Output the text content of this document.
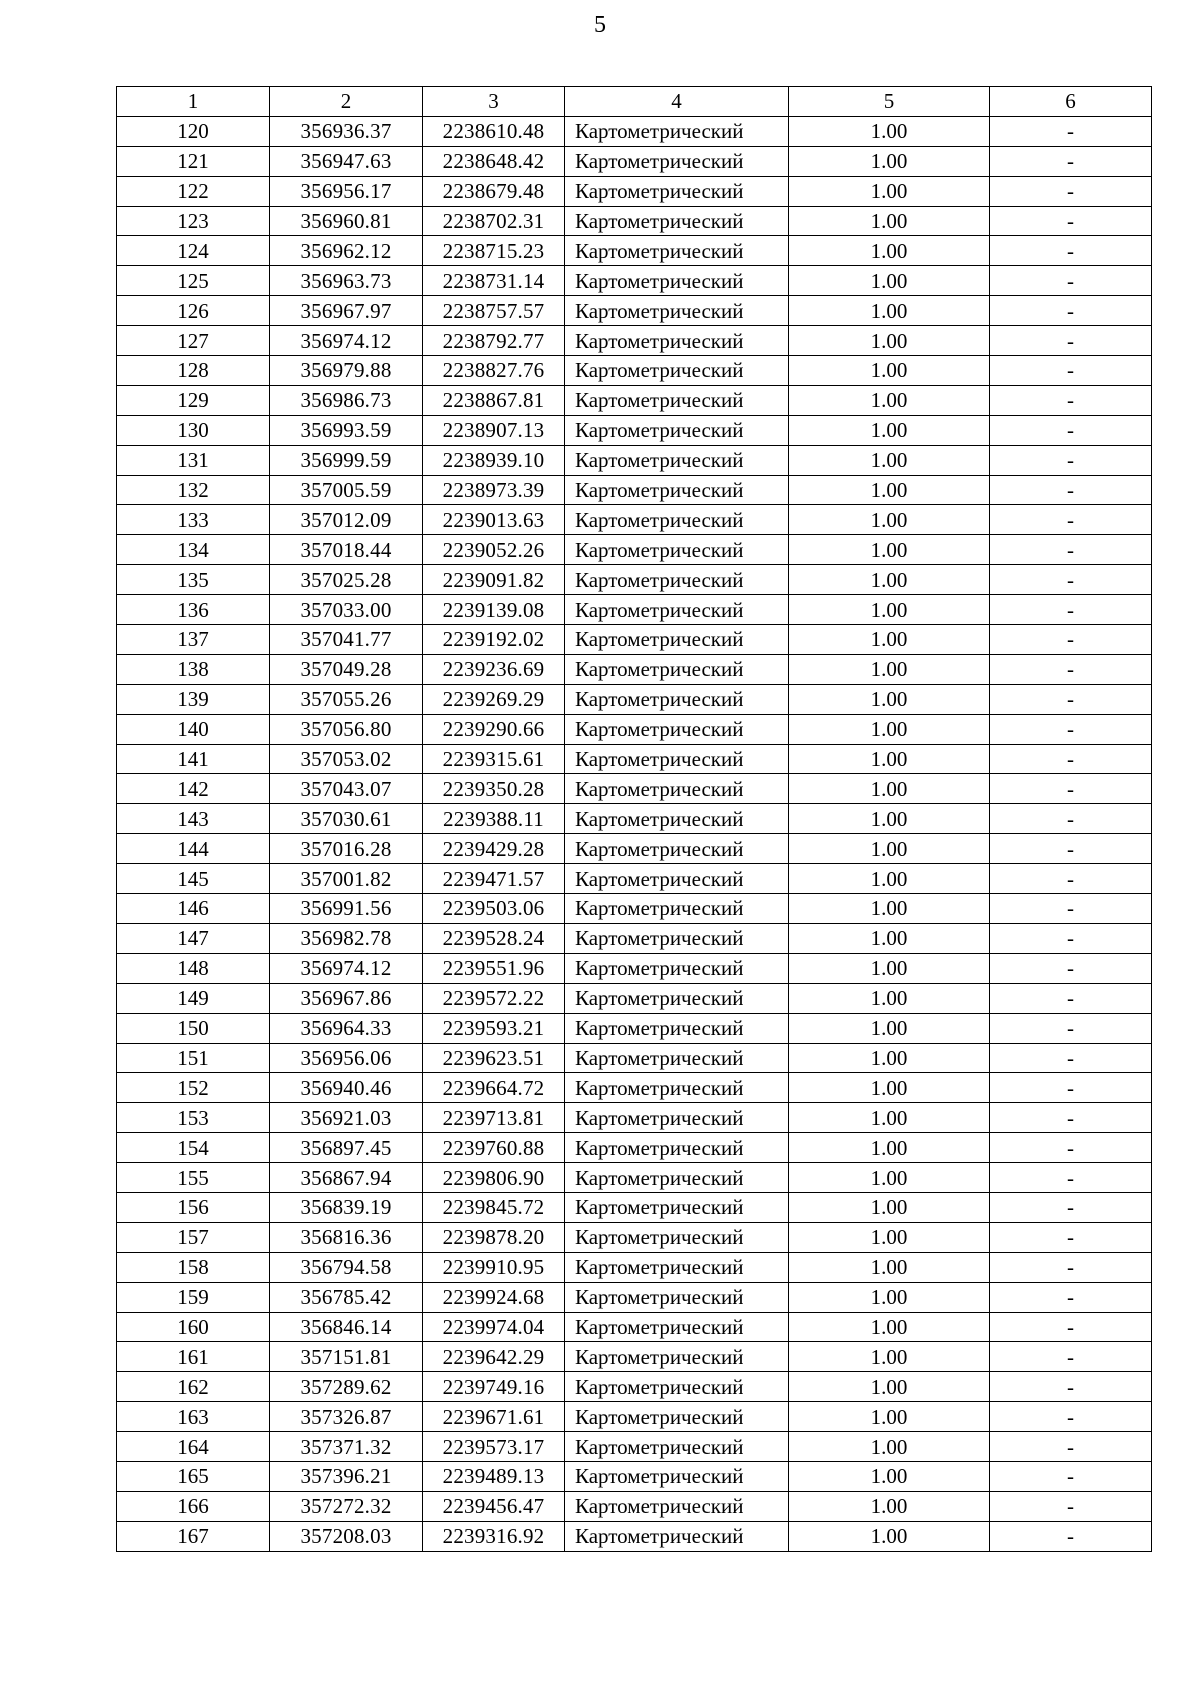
5
1	2	3	4	5	6
120	356936.37	2238610.48	Картометрический	1.00	-
121	356947.63	2238648.42	Картометрический	1.00	-
122	356956.17	2238679.48	Картометрический	1.00	-
123	356960.81	2238702.31	Картометрический	1.00	-
124	356962.12	2238715.23	Картометрический	1.00	-
125	356963.73	2238731.14	Картометрический	1.00	-
126	356967.97	2238757.57	Картометрический	1.00	-
127	356974.12	2238792.77	Картометрический	1.00	-
128	356979.88	2238827.76	Картометрический	1.00	-
129	356986.73	2238867.81	Картометрический	1.00	-
130	356993.59	2238907.13	Картометрический	1.00	-
131	356999.59	2238939.10	Картометрический	1.00	-
132	357005.59	2238973.39	Картометрический	1.00	-
133	357012.09	2239013.63	Картометрический	1.00	-
134	357018.44	2239052.26	Картометрический	1.00	-
135	357025.28	2239091.82	Картометрический	1.00	-
136	357033.00	2239139.08	Картометрический	1.00	-
137	357041.77	2239192.02	Картометрический	1.00	-
138	357049.28	2239236.69	Картометрический	1.00	-
139	357055.26	2239269.29	Картометрический	1.00	-
140	357056.80	2239290.66	Картометрический	1.00	-
141	357053.02	2239315.61	Картометрический	1.00	-
142	357043.07	2239350.28	Картометрический	1.00	-
143	357030.61	2239388.11	Картометрический	1.00	-
144	357016.28	2239429.28	Картометрический	1.00	-
145	357001.82	2239471.57	Картометрический	1.00	-
146	356991.56	2239503.06	Картометрический	1.00	-
147	356982.78	2239528.24	Картометрический	1.00	-
148	356974.12	2239551.96	Картометрический	1.00	-
149	356967.86	2239572.22	Картометрический	1.00	-
150	356964.33	2239593.21	Картометрический	1.00	-
151	356956.06	2239623.51	Картометрический	1.00	-
152	356940.46	2239664.72	Картометрический	1.00	-
153	356921.03	2239713.81	Картометрический	1.00	-
154	356897.45	2239760.88	Картометрический	1.00	-
155	356867.94	2239806.90	Картометрический	1.00	-
156	356839.19	2239845.72	Картометрический	1.00	-
157	356816.36	2239878.20	Картометрический	1.00	-
158	356794.58	2239910.95	Картометрический	1.00	-
159	356785.42	2239924.68	Картометрический	1.00	-
160	356846.14	2239974.04	Картометрический	1.00	-
161	357151.81	2239642.29	Картометрический	1.00	-
162	357289.62	2239749.16	Картометрический	1.00	-
163	357326.87	2239671.61	Картометрический	1.00	-
164	357371.32	2239573.17	Картометрический	1.00	-
165	357396.21	2239489.13	Картометрический	1.00	-
166	357272.32	2239456.47	Картометрический	1.00	-
167	357208.03	2239316.92	Картометрический	1.00	-
